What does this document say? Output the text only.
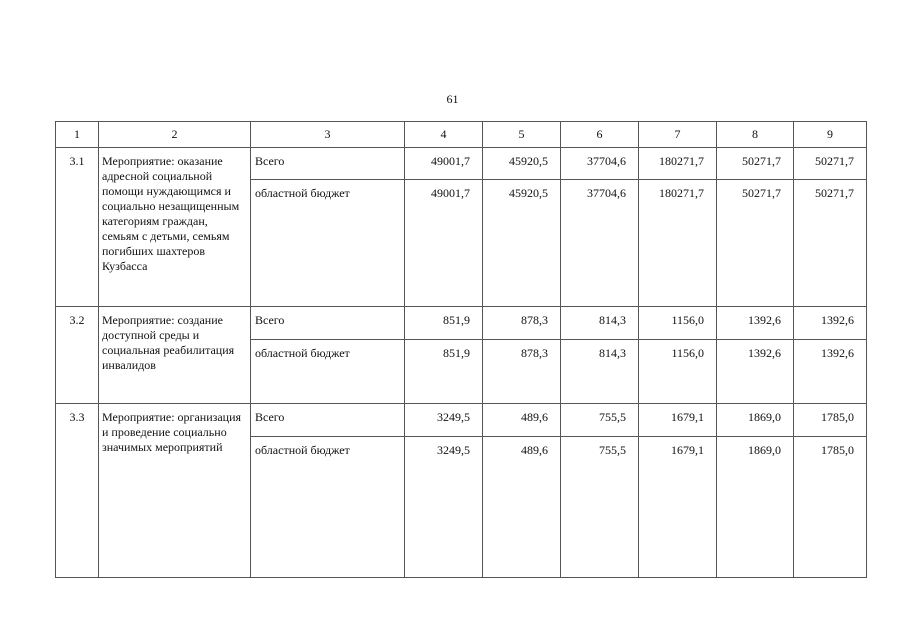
61
1	2	3	4	5	6	7	8	9
3.1	Мероприятие: оказание адресной социальной помощи нуждающимся и социально незащищенным категориям граждан, семьям с детьми, семьям погибших шахтеров Кузбасса	Всего	49001,7	45920,5	37704,6	180271,7	50271,7	50271,7
		областной бюджет	49001,7	45920,5	37704,6	180271,7	50271,7	50271,7
3.2	Мероприятие: создание доступной среды и социальная реабилитация инвалидов	Всего	851,9	878,3	814,3	1156,0	1392,6	1392,6
		областной бюджет	851,9	878,3	814,3	1156,0	1392,6	1392,6
3.3	Мероприятие: организация и проведение социально значимых мероприятий	Всего	3249,5	489,6	755,5	1679,1	1869,0	1785,0
		областной бюджет	3249,5	489,6	755,5	1679,1	1869,0	1785,0
